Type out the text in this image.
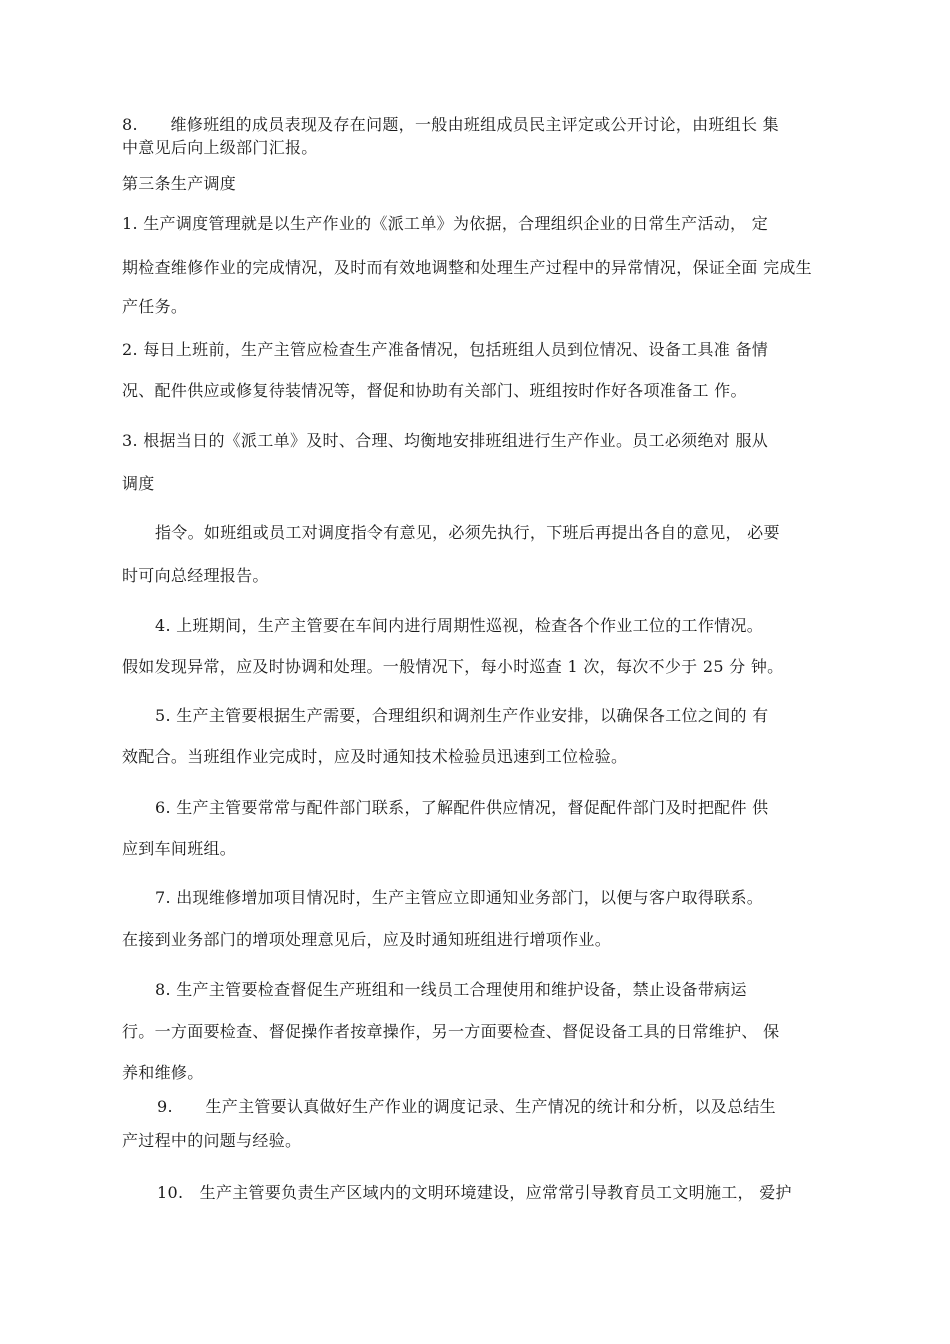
8.　　维修班组的成员表现及存在问题，一般由班组成员民主评定或公开讨论，由班组长 集
中意见后向上级部门汇报。
第三条生产调度
1. 生产调度管理就是以生产作业的《派工单》为依据，合理组织企业的日常生产活动， 定
期检查维修作业的完成情况，及时而有效地调整和处理生产过程中的异常情况，保证全面 完成生
产任务。
2. 每日上班前，生产主管应检查生产准备情况，包括班组人员到位情况、设备工具准 备情
况、配件供应或修复待装情况等，督促和协助有关部门、班组按时作好各项准备工 作。
3. 根据当日的《派工单》及时、合理、均衡地安排班组进行生产作业。员工必须绝对 服从
调度
指令。如班组或员工对调度指令有意见，必须先执行，下班后再提出各自的意见， 必要
时可向总经理报告。
4. 上班期间，生产主管要在车间内进行周期性巡视，检查各个作业工位的工作情况。
假如发现异常，应及时协调和处理。一般情况下，每小时巡查 1 次，每次不少于 25 分 钟。
5. 生产主管要根据生产需要，合理组织和调剂生产作业安排，以确保各工位之间的 有
效配合。当班组作业完成时，应及时通知技术检验员迅速到工位检验。
6. 生产主管要常常与配件部门联系，了解配件供应情况，督促配件部门及时把配件 供
应到车间班组。
7. 出现维修增加项目情况时，生产主管应立即通知业务部门，以便与客户取得联系。
在接到业务部门的增项处理意见后，应及时通知班组进行增项作业。
8. 生产主管要检查督促生产班组和一线员工合理使用和维护设备，禁止设备带病运
行。一方面要检查、督促操作者按章操作，另一方面要检查、督促设备工具的日常维护、 保
养和维修。
9.　　生产主管要认真做好生产作业的调度记录、生产情况的统计和分析，以及总结生
产过程中的问题与经验。
10.　生产主管要负责生产区域内的文明环境建设，应常常引导教育员工文明施工， 爱护
